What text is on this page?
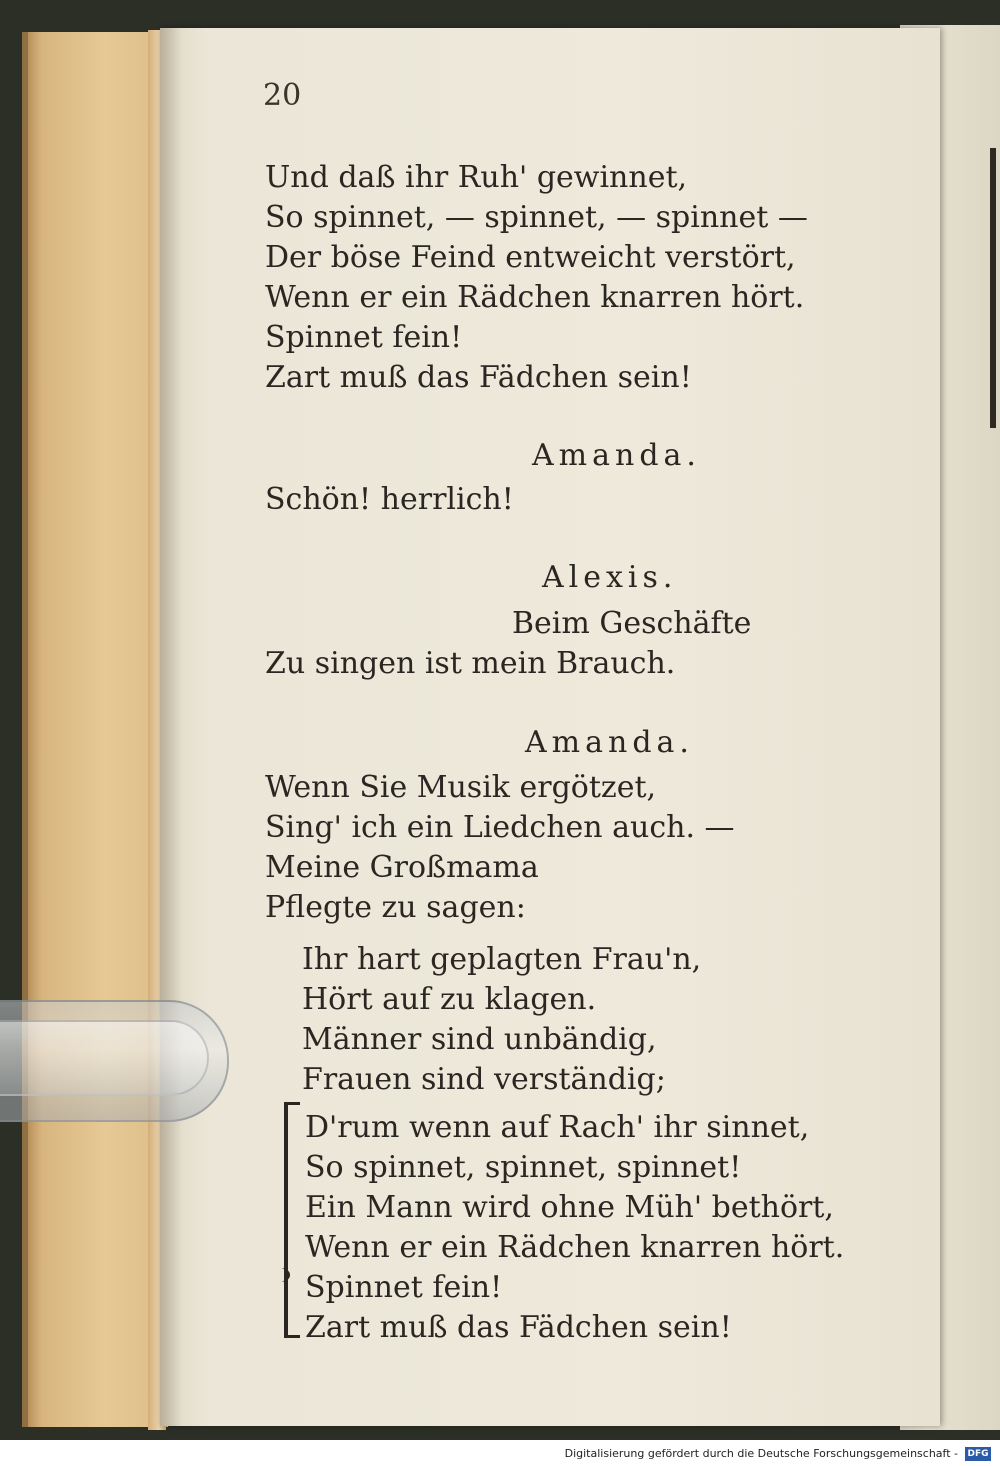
20
Und daß ihr Ruh' gewinnet,
So spinnet, — spinnet, — spinnet —
Der böse Feind entweicht verstört,
Wenn er ein Rädchen knarren hört.
Spinnet fein!
Zart muß das Fädchen sein!
Amanda.
Schön! herrlich!
Alexis.
Beim Geschäfte
Zu singen ist mein Brauch.
Amanda.
Wenn Sie Musik ergötzet,
Sing' ich ein Liedchen auch. —
Meine Großmama
Pflegte zu sagen:
Ihr hart geplagten Frau'n,
Hört auf zu klagen.
Männer sind unbändig,
Frauen sind verständig;
D'rum wenn auf Rach' ihr sinnet,
So spinnet, spinnet, spinnet!
Ein Mann wird ohne Müh' bethört,
Wenn er ein Rädchen knarren hört.
Spinnet fein!
Zart muß das Fädchen sein!
Digitalisierung gefördert durch die Deutsche Forschungsgemeinschaft - DFG
